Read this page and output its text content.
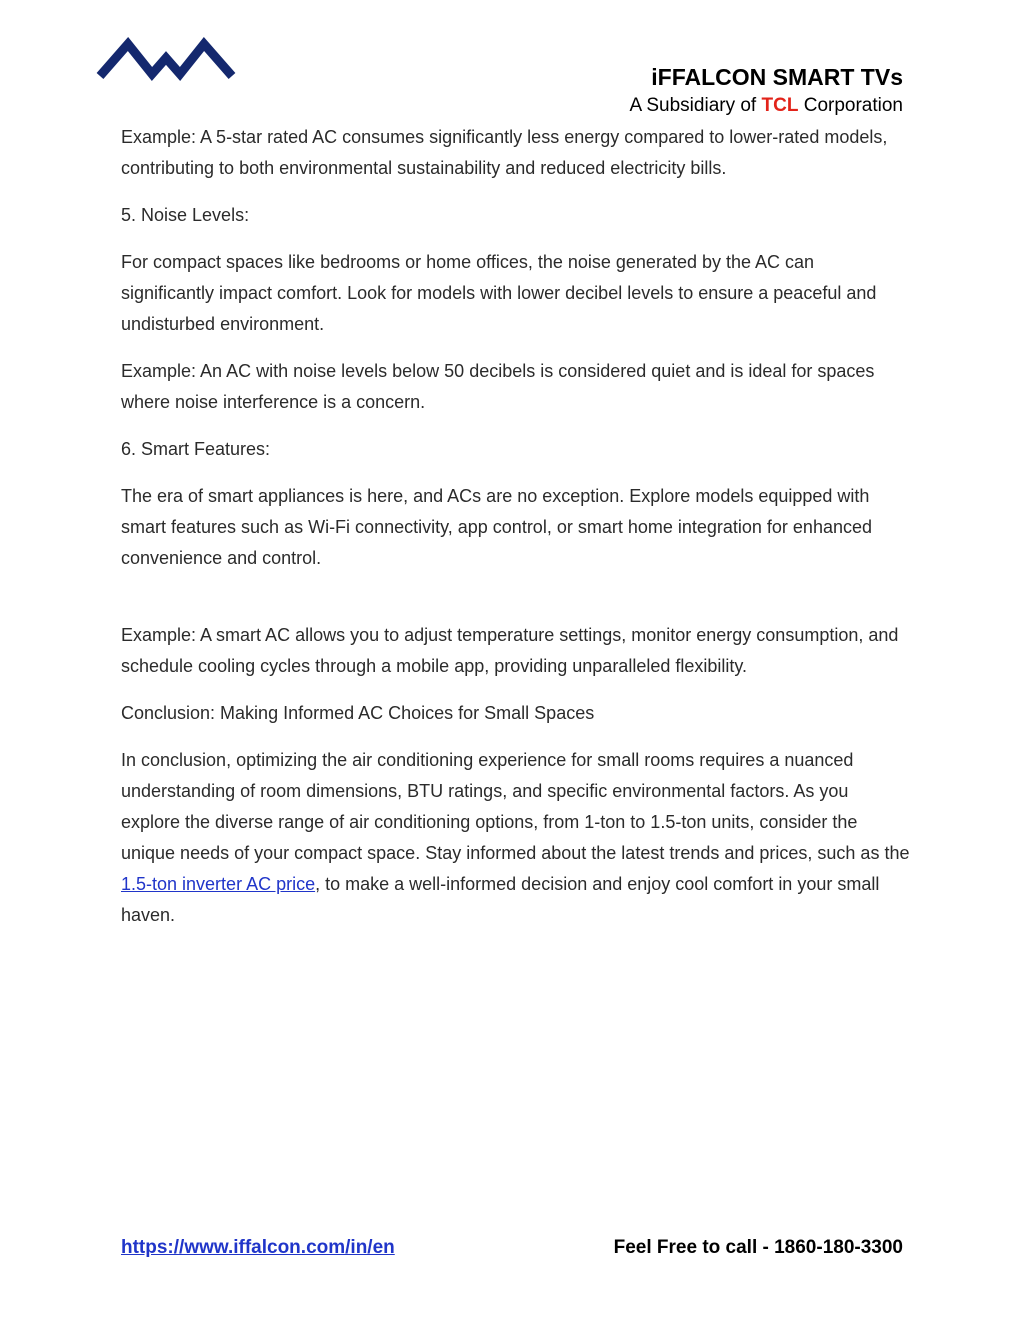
iFFALCON SMART TVs
A Subsidiary of TCL Corporation

Example: A 5-star rated AC consumes significantly less energy compared to lower-rated models, contributing to both environmental sustainability and reduced electricity bills.

5. Noise Levels:

For compact spaces like bedrooms or home offices, the noise generated by the AC can significantly impact comfort. Look for models with lower decibel levels to ensure a peaceful and undisturbed environment.

Example: An AC with noise levels below 50 decibels is considered quiet and is ideal for spaces where noise interference is a concern.

6. Smart Features:

The era of smart appliances is here, and ACs are no exception. Explore models equipped with smart features such as Wi-Fi connectivity, app control, or smart home integration for enhanced convenience and control.

Example: A smart AC allows you to adjust temperature settings, monitor energy consumption, and schedule cooling cycles through a mobile app, providing unparalleled flexibility.

Conclusion: Making Informed AC Choices for Small Spaces

In conclusion, optimizing the air conditioning experience for small rooms requires a nuanced understanding of room dimensions, BTU ratings, and specific environmental factors. As you explore the diverse range of air conditioning options, from 1-ton to 1.5-ton units, consider the unique needs of your compact space. Stay informed about the latest trends and prices, such as the 1.5-ton inverter AC price, to make a well-informed decision and enjoy cool comfort in your small haven.

https://www.iffalcon.com/in/en	Feel Free to call - 1860-180-3300
